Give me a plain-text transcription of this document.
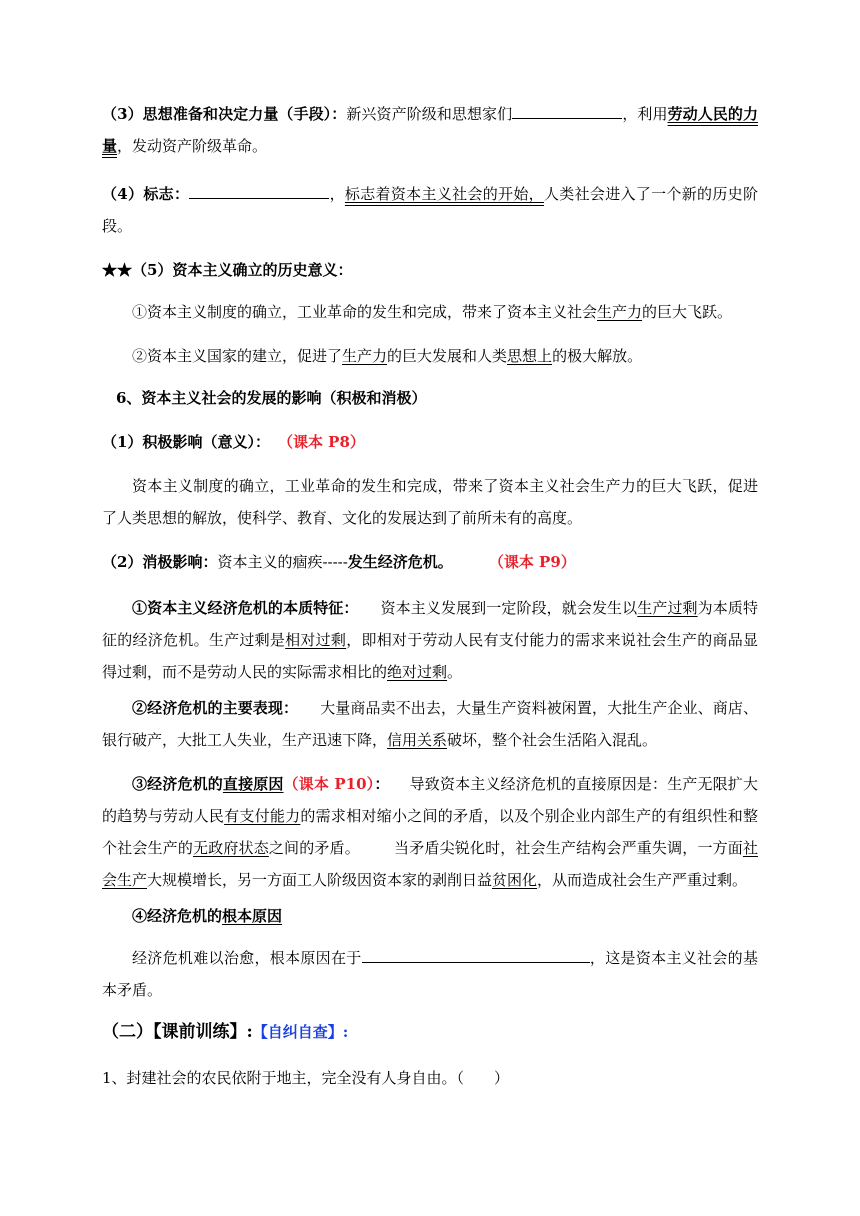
（3）思想准备和决定力量（手段）：新兴资产阶级和思想家们	，利用劳动人民的力量，发动资产阶级革命。

（4）标志：	，标志着资本主义社会的开始，人类社会进入了一个新的历史阶段。

★★（5）资本主义确立的历史意义：

①资本主义制度的确立，工业革命的发生和完成，带来了资本主义社会生产力的巨大飞跃。

②资本主义国家的建立，促进了生产力的巨大发展和人类思想上的极大解放。

6、资本主义社会的发展的影响（积极和消极）

（1）积极影响（意义）： （课本 P8）

资本主义制度的确立，工业革命的发生和完成，带来了资本主义社会生产力的巨大飞跃，促进了人类思想的解放，使科学、教育、文化的发展达到了前所未有的高度。

（2）消极影响：资本主义的痼疾-----发生经济危机。 （课本 P9）

①资本主义经济危机的本质特征： 资本主义发展到一定阶段，就会发生以生产过剩为本质特征的经济危机。生产过剩是相对过剩，即相对于劳动人民有支付能力的需求来说社会生产的商品显得过剩，而不是劳动人民的实际需求相比的绝对过剩。

②经济危机的主要表现： 大量商品卖不出去，大量生产资料被闲置，大批生产企业、商店、银行破产，大批工人失业，生产迅速下降，信用关系破坏，整个社会生活陷入混乱。

③经济危机的直接原因（课本 P10）： 导致资本主义经济危机的直接原因是：生产无限扩大的趋势与劳动人民有支付能力的需求相对缩小之间的矛盾，以及个别企业内部生产的有组织性和整个社会生产的无政府状态之间的矛盾。 当矛盾尖锐化时，社会生产结构会严重失调，一方面社会生产大规模增长，另一方面工人阶级因资本家的剥削日益贫困化，从而造成社会生产严重过剩。

④经济危机的根本原因

经济危机难以治愈，根本原因在于	，这是资本主义社会的基本矛盾。

（二）【课前训练】:【自纠自查】:

1、封建社会的农民依附于地主，完全没有人身自由。（　　）
